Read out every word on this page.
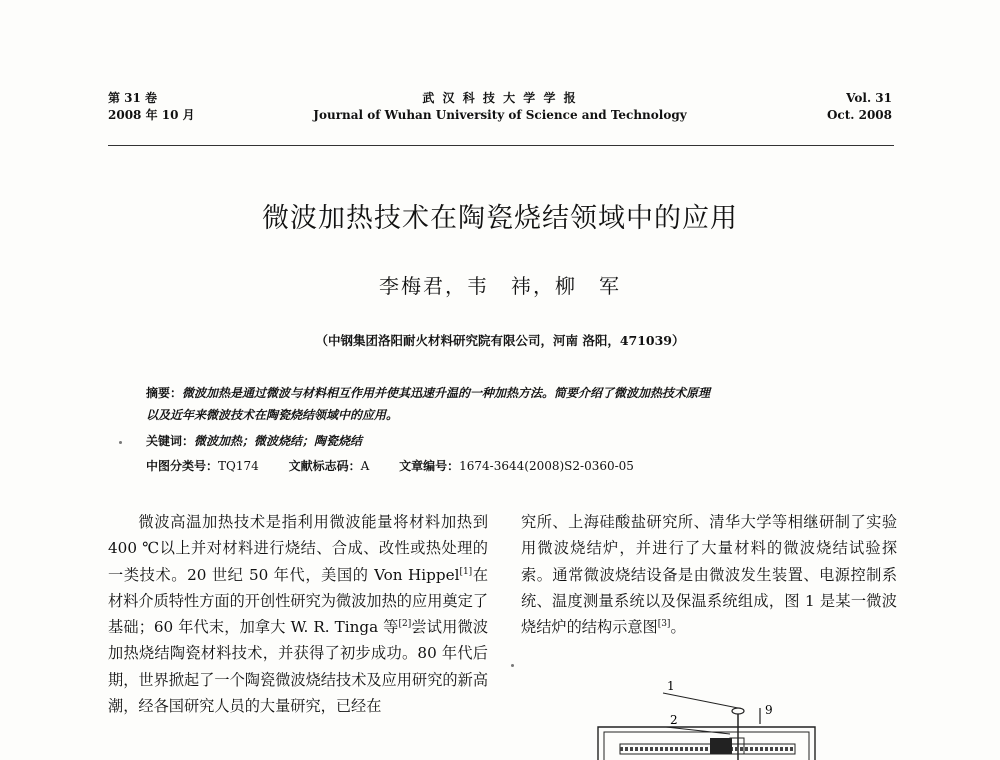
第 31 卷
2008 年 10 月
武 汉 科 技 大 学 学 报
Journal of Wuhan University of Science and Technology
Vol. 31
Oct. 2008
微波加热技术在陶瓷烧结领域中的应用
李梅君，韦　祎，柳　军
（中钢集团洛阳耐火材料研究院有限公司，河南 洛阳，471039）
摘要：微波加热是通过微波与材料相互作用并使其迅速升温的一种加热方法。简要介绍了微波加热技术原理
以及近年来微波技术在陶瓷烧结领域中的应用。
关键词：微波加热；微波烧结；陶瓷烧结
中图分类号：TQ174 文献标志码：A 文章编号：1674-3644(2008)S2-0360-05

微波高温加热技术是指利用微波能量将材料加热到 400 ℃以上并对材料进行烧结、合成、改性或热处理的一类技术。20 世纪 50 年代，美国的 Von Hippel[1]在材料介质特性方面的开创性研究为微波加热的应用奠定了基础；60 年代末，加拿大 W. R. Tinga 等[2]尝试用微波加热烧结陶瓷材料技术，并获得了初步成功。80 年代后期，世界掀起了一个陶瓷微波烧结技术及应用研究的新高潮，经各国研究人员的大量研究，已经在

究所、上海硅酸盐研究所、清华大学等相继研制了实验用微波烧结炉，并进行了大量材料的微波烧结试验探索。通常微波烧结设备是由微波发生装置、电源控制系统、温度测量系统以及保温系统组成，图 1 是某一微波烧结炉的结构示意图[3]。

1
2
9
